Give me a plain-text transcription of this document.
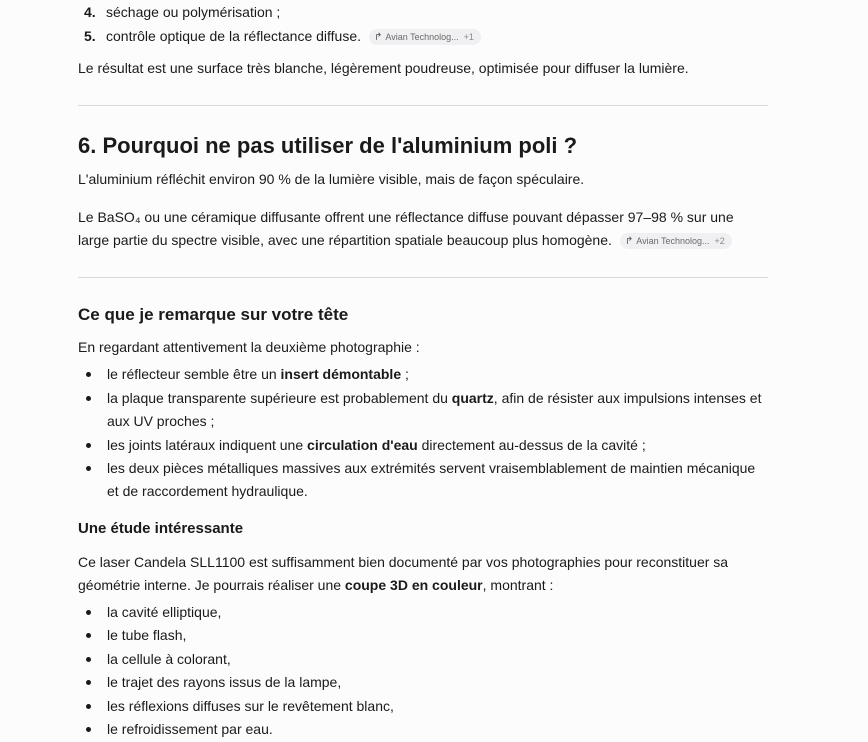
4. séchage ou polymérisation ;
5. contrôle optique de la réflectance diffuse. ↱ Avian Technolog... +1
Le résultat est une surface très blanche, légèrement poudreuse, optimisée pour diffuser la lumière.
6. Pourquoi ne pas utiliser de l'aluminium poli ?
L'aluminium réfléchit environ 90 % de la lumière visible, mais de façon spéculaire.
Le BaSO₄ ou une céramique diffusante offrent une réflectance diffuse pouvant dépasser 97–98 % sur une
large partie du spectre visible, avec une répartition spatiale beaucoup plus homogène. ↱ Avian Technolog... +2
Ce que je remarque sur votre tête
En regardant attentivement la deuxième photographie :
le réflecteur semble être un insert démontable ;
la plaque transparente supérieure est probablement du quartz, afin de résister aux impulsions intenses et aux UV proches ;
les joints latéraux indiquent une circulation d'eau directement au-dessus de la cavité ;
les deux pièces métalliques massives aux extrémités servent vraisemblablement de maintien mécanique et de raccordement hydraulique.
Une étude intéressante
Ce laser Candela SLL1100 est suffisamment bien documenté par vos photographies pour reconstituer sa
géométrie interne. Je pourrais réaliser une coupe 3D en couleur, montrant :
la cavité elliptique,
le tube flash,
la cellule à colorant,
le trajet des rayons issus de la lampe,
les réflexions diffuses sur le revêtement blanc,
le refroidissement par eau.
